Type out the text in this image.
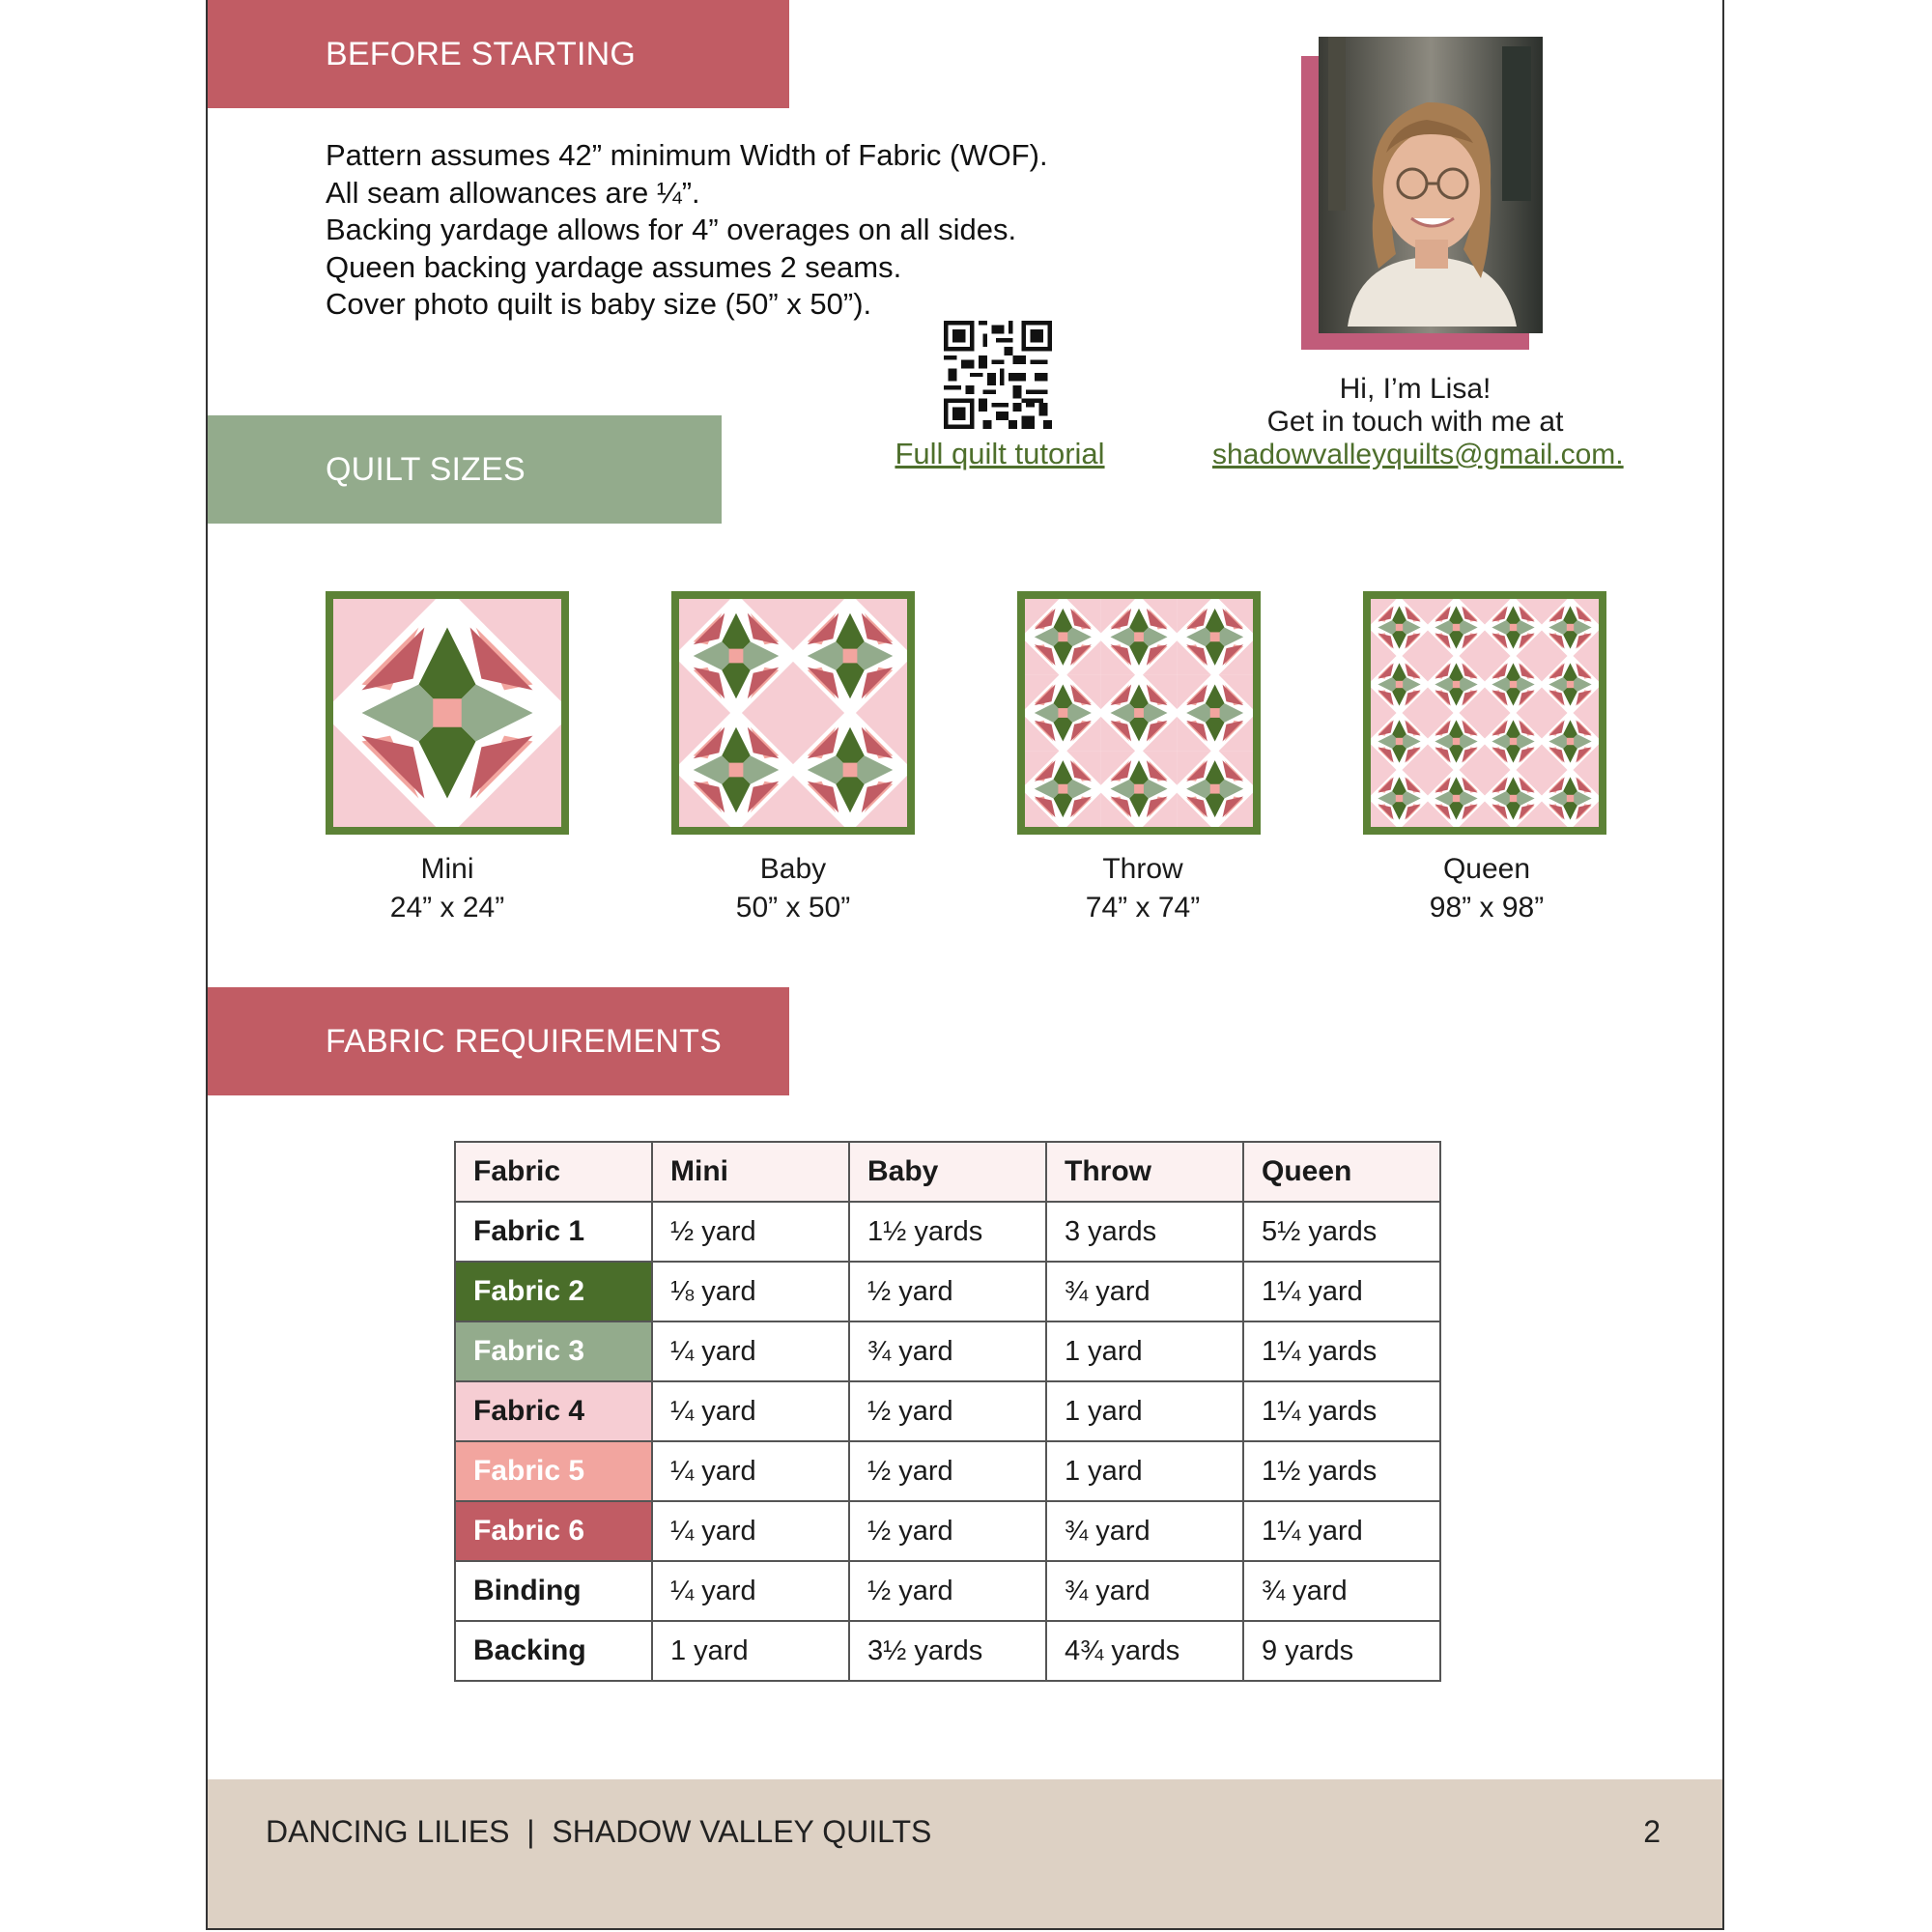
BEFORE STARTING
Pattern assumes 42” minimum Width of Fabric (WOF).
All seam allowances are ¼”.
Backing yardage allows for 4” overages on all sides.
Queen backing yardage assumes 2 seams.
Cover photo quilt is baby size (50” x 50”).
Full quilt tutorial
Hi, I’m Lisa!
Get in touch with me at
shadowvalleyquilts@gmail.com.
QUILT SIZES
Mini
24” x 24”
Baby
50” x 50”
Throw
74” x 74”
Queen
98” x 98”
FABRIC REQUIREMENTS
Fabric	Mini	Baby	Throw	Queen
Fabric 1	½ yard	1½ yards	3 yards	5½ yards
Fabric 2	⅛ yard	½ yard	¾ yard	1¼ yard
Fabric 3	¼ yard	¾ yard	1 yard	1¼ yards
Fabric 4	¼ yard	½ yard	1 yard	1¼ yards
Fabric 5	¼ yard	½ yard	1 yard	1½ yards
Fabric 6	¼ yard	½ yard	¾ yard	1¼ yard
Binding	¼ yard	½ yard	¾ yard	¾ yard
Backing	1 yard	3½ yards	4¾ yards	9 yards
DANCING LILIES  |  SHADOW VALLEY QUILTS	2
